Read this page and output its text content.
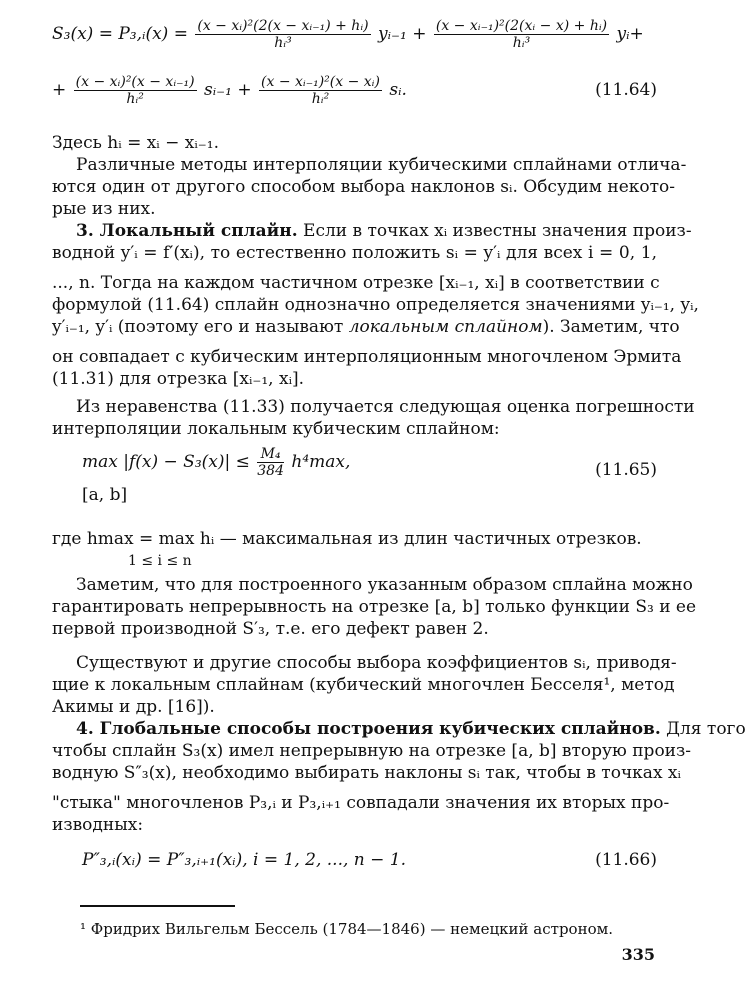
S₃(x) = P₃,ᵢ(x) = $\frac{\text{(x − xᵢ)²(2(x − xᵢ₋₁) + hᵢ)}}{\text{hᵢ³}}$ yᵢ₋₁ + $\frac{\text{(x − xᵢ₋₁)²(2(xᵢ − x) + hᵢ)}}{\text{hᵢ³}}$ yᵢ+
+ $\frac{\text{(x − xᵢ)²(x − xᵢ₋₁)}}{\text{hᵢ²}}$ sᵢ₋₁ + $\frac{\text{(x − xᵢ₋₁)²(x − xᵢ)}}{\text{hᵢ²}}$ sᵢ.	(11.64)
Здесь hᵢ = xᵢ − xᵢ₋₁.
Различные методы интерполяции кубическими сплайнами отлича-
ются один от другого способом выбора наклонов sᵢ. Обсудим некото-
рые из них.
3. Локальный сплайн. Если в точках xᵢ известны значения произ-
водной y′ᵢ = f′(xᵢ), то естественно положить sᵢ = y′ᵢ для всех i = 0, 1,
..., n. Тогда на каждом частичном отрезке [xᵢ₋₁, xᵢ] в соответствии с
формулой (11.64) сплайн однозначно определяется значениями yᵢ₋₁, yᵢ,
y′ᵢ₋₁, y′ᵢ (поэтому его и называют локальным сплайном). Заметим, что
он совпадает с кубическим интерполяционным многочленом Эрмита
(11.31) для отрезка [xᵢ₋₁, xᵢ].
Из неравенства (11.33) получается следующая оценка погрешности
интерполяции локальным кубическим сплайном:
$\max |f(x) - S_3(x)| \le \frac{\text{M₄}}{384} h^4\max$,	(11.65)
[a, b]
где hmax = max hᵢ — максимальная из длин частичных отрезков.
1 ≤ i ≤ n
Заметим, что для построенного указанным образом сплайна можно
гарантировать непрерывность на отрезке [a, b] только функции S₃ и ее
первой производной S′₃, т.е. его дефект равен 2.
Существуют и другие способы выбора коэффициентов sᵢ, приводя-
щие к локальным сплайнам (кубический многочлен Бесселя¹, метод
Акимы и др. [16]).
4. Глобальные способы построения кубических сплайнов. Для того
чтобы сплайн S₃(x) имел непрерывную на отрезке [a, b] вторую произ-
водную S″₃(x), необходимо выбирать наклоны sᵢ так, чтобы в точках xᵢ
"стыка" многочленов P₃,ᵢ и P₃,ᵢ₊₁ совпадали значения их вторых про-
изводных:
P″₃,ᵢ(xᵢ) = P″₃,ᵢ₊₁(xᵢ), i = 1, 2, ..., n − 1.	(11.66)
¹ Фридрих Вильгельм Бессель (1784—1846) — немецкий астроном.
335
